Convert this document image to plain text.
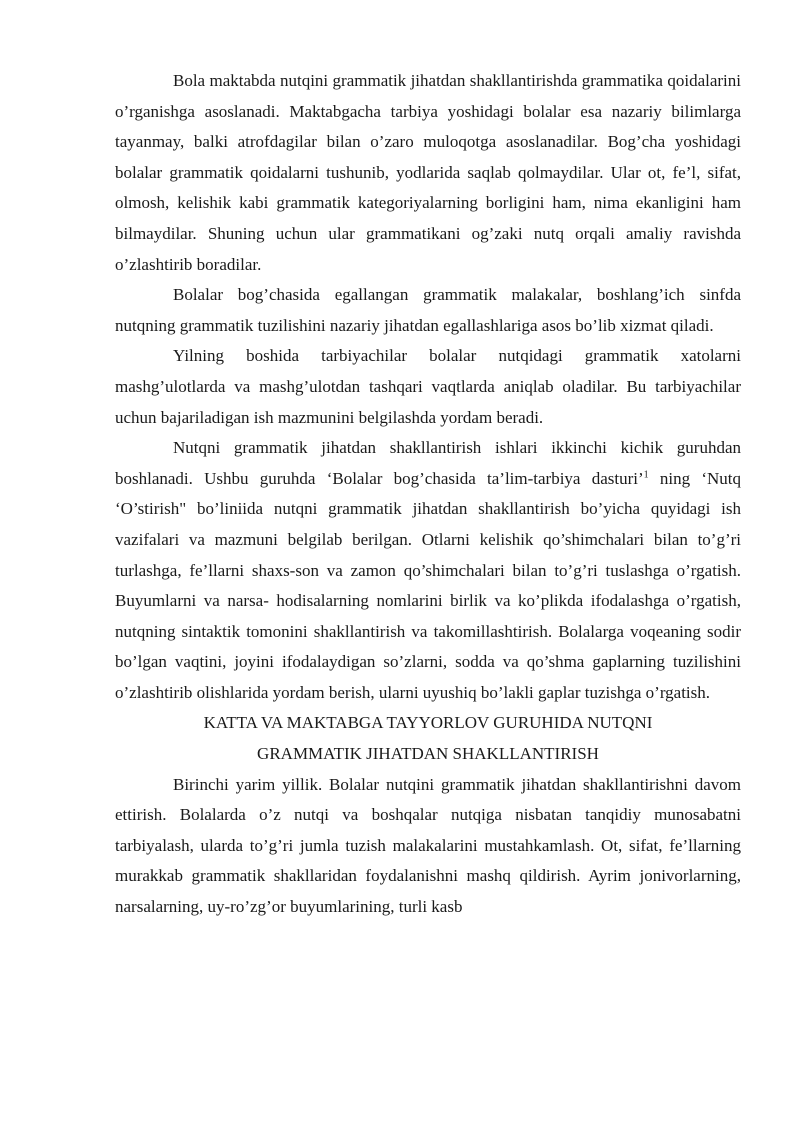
Bola maktabda nutqini grammatik jihatdan shakllantirishda grammatika qoidalarini o’rganishga asoslanadi. Maktabgacha tarbiya yoshidagi bolalar esa nazariy bilimlarga tayanmay, balki atrofdagilar bilan o’zaro muloqotga asoslanadilar. Bog’cha yoshidagi bolalar grammatik qoidalarni tushunib, yodlarida saqlab qolmaydilar. Ular ot, fe’l, sifat, olmosh, kelishik kabi grammatik kategoriyalarning borligini ham, nima ekanligini ham bilmaydilar. Shuning uchun ular grammatikani og’zaki nutq orqali amaliy ravishda o’zlashtirib boradilar.

Bolalar bog’chasida egallangan grammatik malakalar, boshlang’ich sinfda nutqning grammatik tuzilishini nazariy jihatdan egallashlariga asos bo’lib xizmat qiladi.

Yilning boshida tarbiyachilar bolalar nutqidagi grammatik xatolarni mashg’ulotlarda va mashg’ulotdan tashqari vaqtlarda aniqlab oladilar. Bu tarbiyachilar uchun bajariladigan ish mazmunini belgilashda yordam beradi.

Nutqni grammatik jihatdan shakllantirish ishlari ikkinchi kichik guruhdan boshlanadi. Ushbu guruhda ‘Bolalar bog’chasida ta’lim-tarbiya dasturi’$^1$ ning ‘Nutq ‘O’stirish" bo’liniida nutqni grammatik jihatdan shakllantirish bo’yicha quyidagi ish vazifalari va mazmuni belgilab berilgan. Otlarni kelishik qo’shimchalari bilan to’g’ri turlashga, fe’llarni shaxs-son va zamon qo’shimchalari bilan to’g’ri tuslashga o’rgatish. Buyumlarni va narsa- hodisalarning nomlarini birlik va ko’plikda ifodalashga o’rgatish, nutqning sintaktik tomonini shakllantirish va takomillashtirish. Bolalarga voqeaning sodir bo’lgan vaqtini, joyini ifodalaydigan so’zlarni, sodda va qo’shma gaplarning tuzilishini o’zlashtirib olishlarida yordam berish, ularni uyushiq bo’lakli gaplar tuzishga o’rgatish.

KATTA VA MAKTABGA TAYYORLOV GURUHIDA NUTQNI

GRAMMATIK JIHATDAN SHAKLLANTIRISH

Birinchi yarim yillik. Bolalar nutqini grammatik jihatdan shakllantirishni davom ettirish. Bolalarda o’z nutqi va boshqalar nutqiga nisbatan tanqidiy munosabatni tarbiyalash, ularda to’g’ri jumla tuzish malakalarini mustahkamlash. Ot, sifat, fe’llarning murakkab grammatik shakllaridan foydalanishni mashq qildirish. Ayrim jonivorlarning, narsalarning, uy-ro’zg’or buyumlarining, turli kasb
